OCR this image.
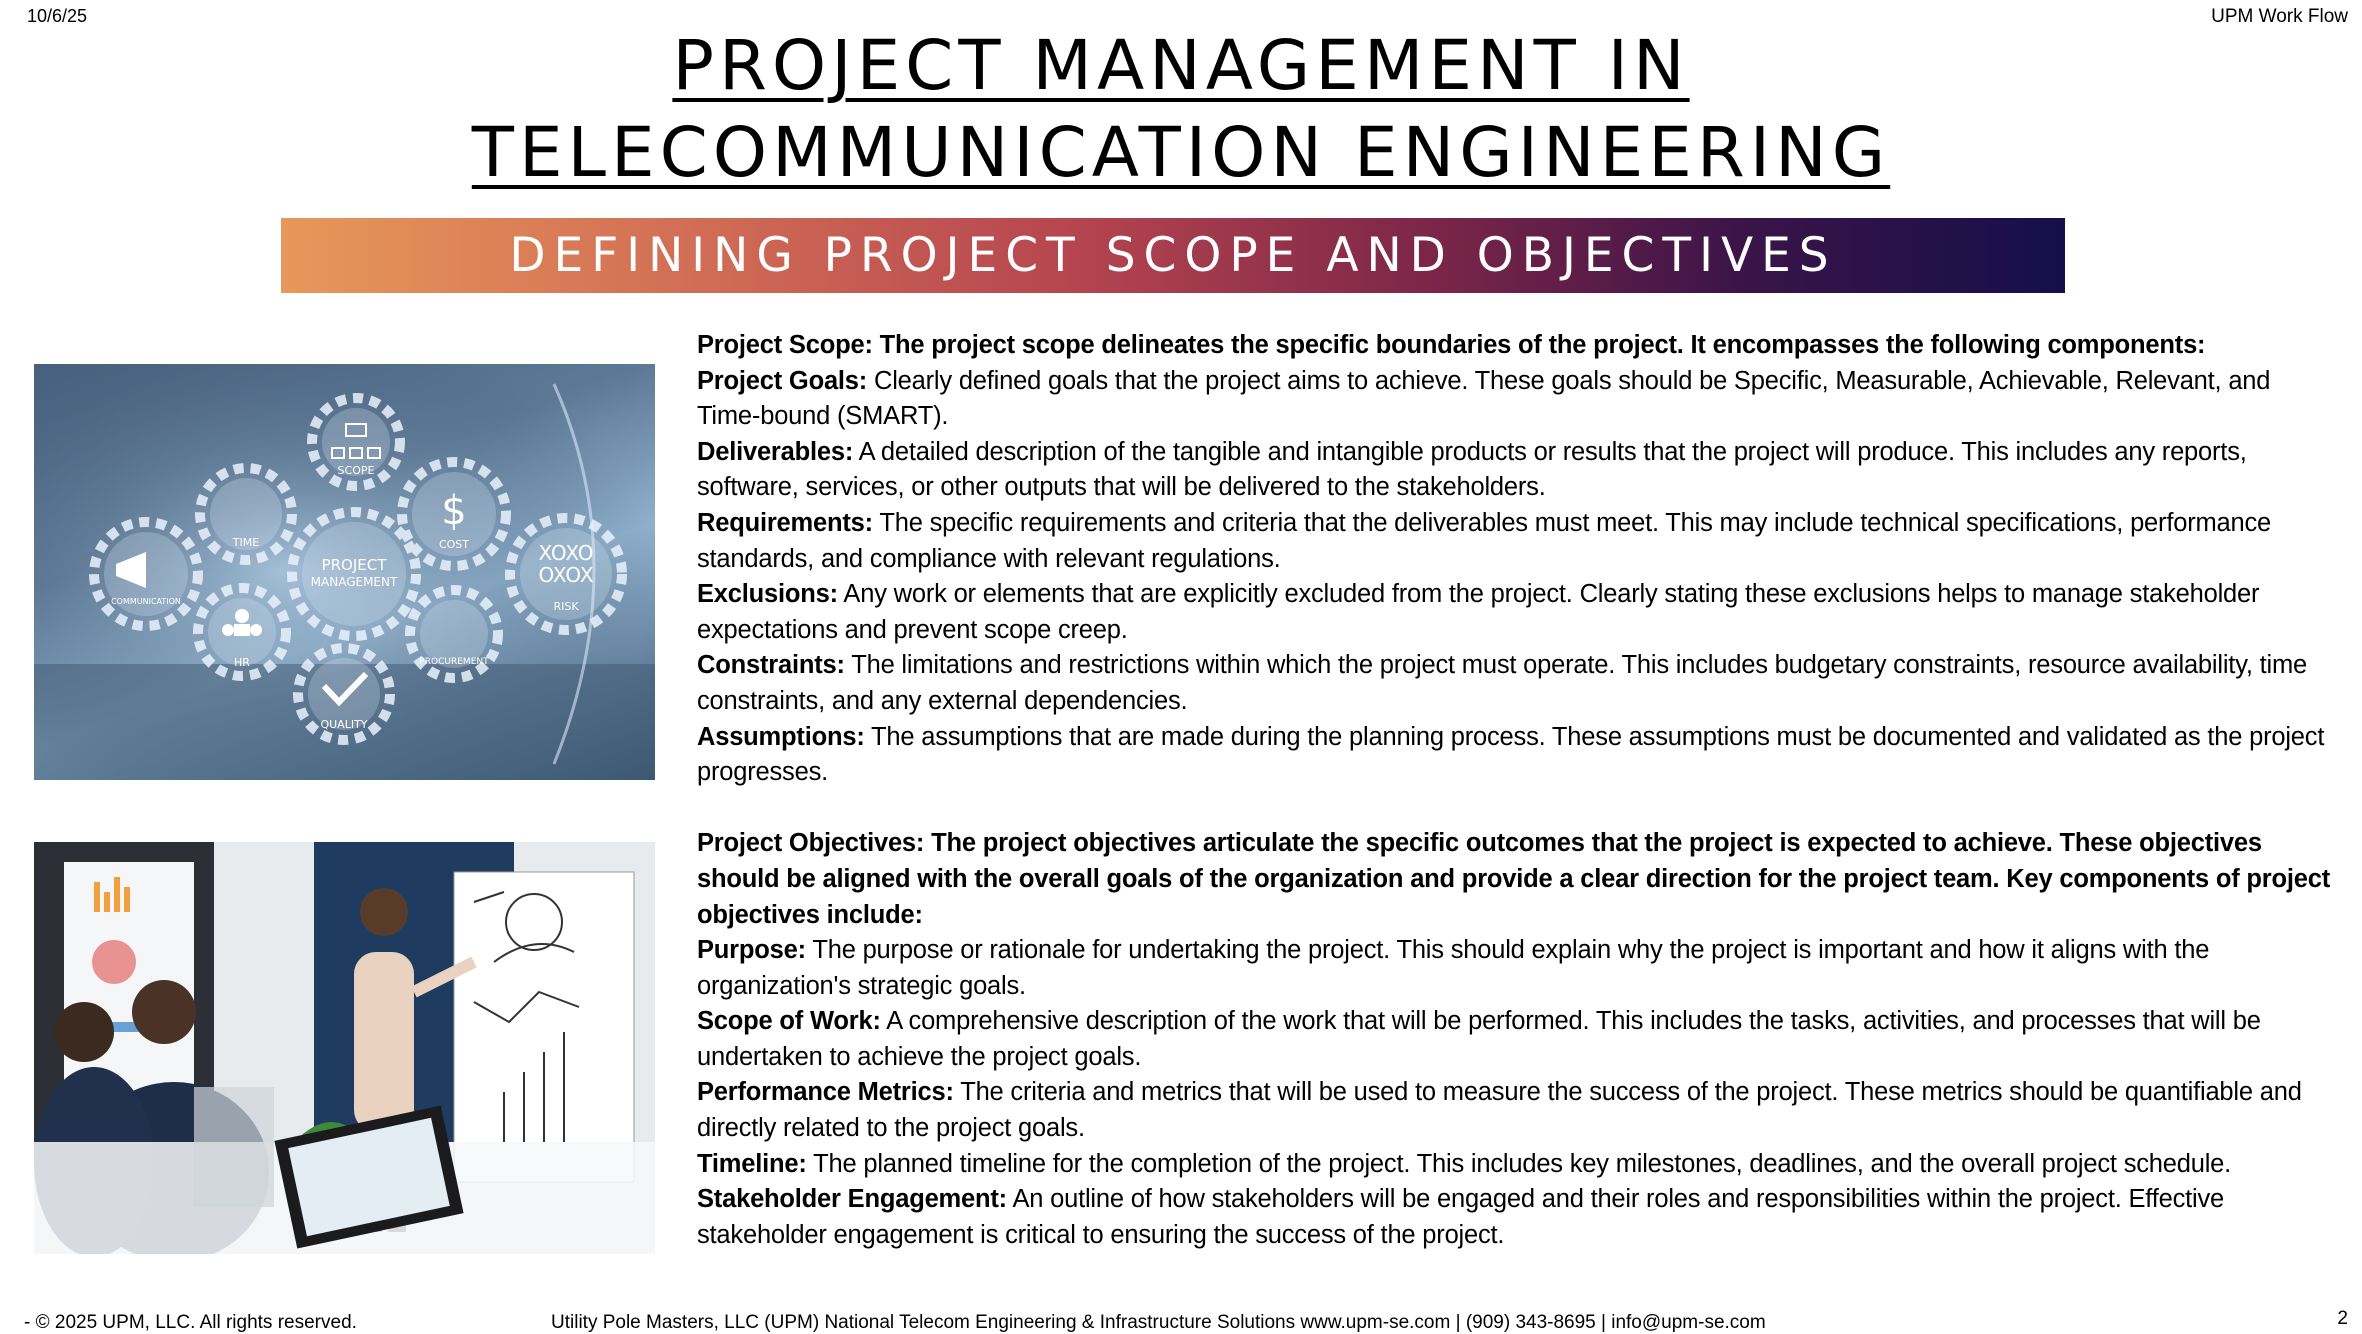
10/6/25	UPM Work Flow
PROJECT MANAGEMENT IN
TELECOMMUNICATION ENGINEERING
DEFINING PROJECT SCOPE AND OBJECTIVES
SCOPE
TIME	COST
PROJECT
MANAGEMENT
COMMUNICATION	RISK
HR	PROCUREMENT
QUALITY
$
XOXO
OXOX

Project Scope: The project scope delineates the specific boundaries of the project. It encompasses the following components:

Project Goals: Clearly defined goals that the project aims to achieve. These goals should be Specific, Measurable, Achievable, Relevant, and Time-bound (SMART).

Deliverables: A detailed description of the tangible and intangible products or results that the project will produce. This includes any reports, software, services, or other outputs that will be delivered to the stakeholders.

Requirements: The specific requirements and criteria that the deliverables must meet. This may include technical specifications, performance standards, and compliance with relevant regulations.

Exclusions: Any work or elements that are explicitly excluded from the project. Clearly stating these exclusions helps to manage stakeholder expectations and prevent scope creep.

Constraints: The limitations and restrictions within which the project must operate. This includes budgetary constraints, resource availability, time constraints, and any external dependencies.

Assumptions: The assumptions that are made during the planning process. These assumptions must be documented and validated as the project progresses.

Project Objectives: The project objectives articulate the specific outcomes that the project is expected to achieve. These objectives should be aligned with the overall goals of the organization and provide a clear direction for the project team. Key components of project objectives include:

Purpose: The purpose or rationale for undertaking the project. This should explain why the project is important and how it aligns with the organization's strategic goals.

Scope of Work: A comprehensive description of the work that will be performed. This includes the tasks, activities, and processes that will be undertaken to achieve the project goals.

Performance Metrics: The criteria and metrics that will be used to measure the success of the project. These metrics should be quantifiable and directly related to the project goals.

Timeline: The planned timeline for the completion of the project. This includes key milestones, deadlines, and the overall project schedule.

Stakeholder Engagement: An outline of how stakeholders will be engaged and their roles and responsibilities within the project. Effective stakeholder engagement is critical to ensuring the success of the project.

- © 2025 UPM, LLC. All rights reserved.	Utility Pole Masters, LLC (UPM) National Telecom Engineering & Infrastructure Solutions www.upm-se.com | (909) 343-8695 | info@upm-se.com	2
